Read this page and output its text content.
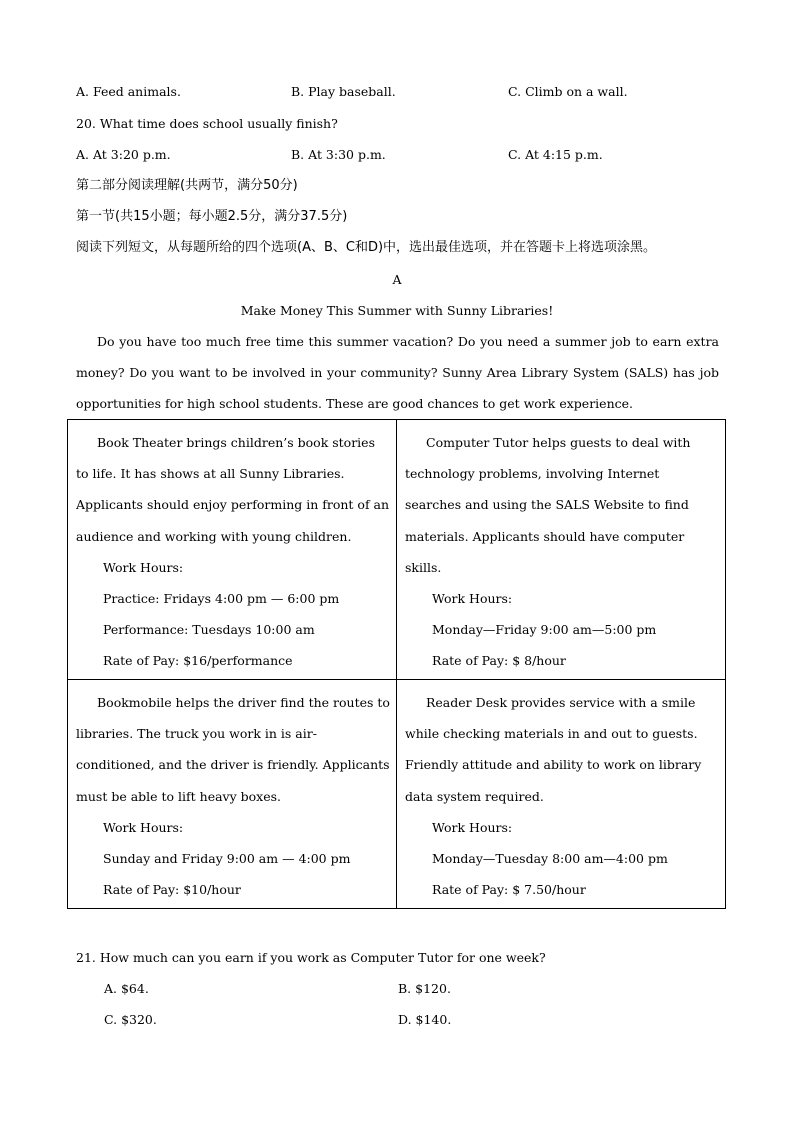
A. Feed animals.	B. Play baseball.	C. Climb on a wall.
20. What time does school usually finish?
A. At 3:20 p.m.	B. At 3:30 p.m.	C. At 4:15 p.m.
第二部分阅读理解(共两节，满分50分)
第一节(共15小题；每小题2.5分，满分37.5分)
阅读下列短文，从每题所给的四个选项(A、B、C和D)中，选出最佳选项，并在答题卡上将选项涂黑。
A
Make Money This Summer with Sunny Libraries!

Do you have too much free time this summer vacation? Do you need a summer job to earn extra money? Do you want to be involved in your community? Sunny Area Library System (SALS) has job opportunities for high school students. These are good chances to get work experience.

Book Theater brings children’s book stories to life. It has shows at all Sunny Libraries. Applicants should enjoy performing in front of an audience and working with young children.

Work Hours:

Practice: Fridays 4:00 pm — 6:00 pm

Performance: Tuesdays 10:00 am

Rate of Pay: $16/performance

Computer Tutor helps guests to deal with technology problems, involving Internet searches and using the SALS Website to find materials. Applicants should have computer skills.

Work Hours:

Monday—Friday 9:00 am—5:00 pm

Rate of Pay: $ 8/hour

Bookmobile helps the driver find the routes to libraries. The truck you work in is air-conditioned, and the driver is friendly. Applicants must be able to lift heavy boxes.

Work Hours:

Sunday and Friday 9:00 am — 4:00 pm

Rate of Pay: $10/hour

Reader Desk provides service with a smile while checking materials in and out to guests. Friendly attitude and ability to work on library data system required.

Work Hours:

Monday—Tuesday 8:00 am—4:00 pm

Rate of Pay: $ 7.50/hour

21. How much can you earn if you work as Computer Tutor for one week?
A. $64.	B. $120.
C. $320.	D. $140.
